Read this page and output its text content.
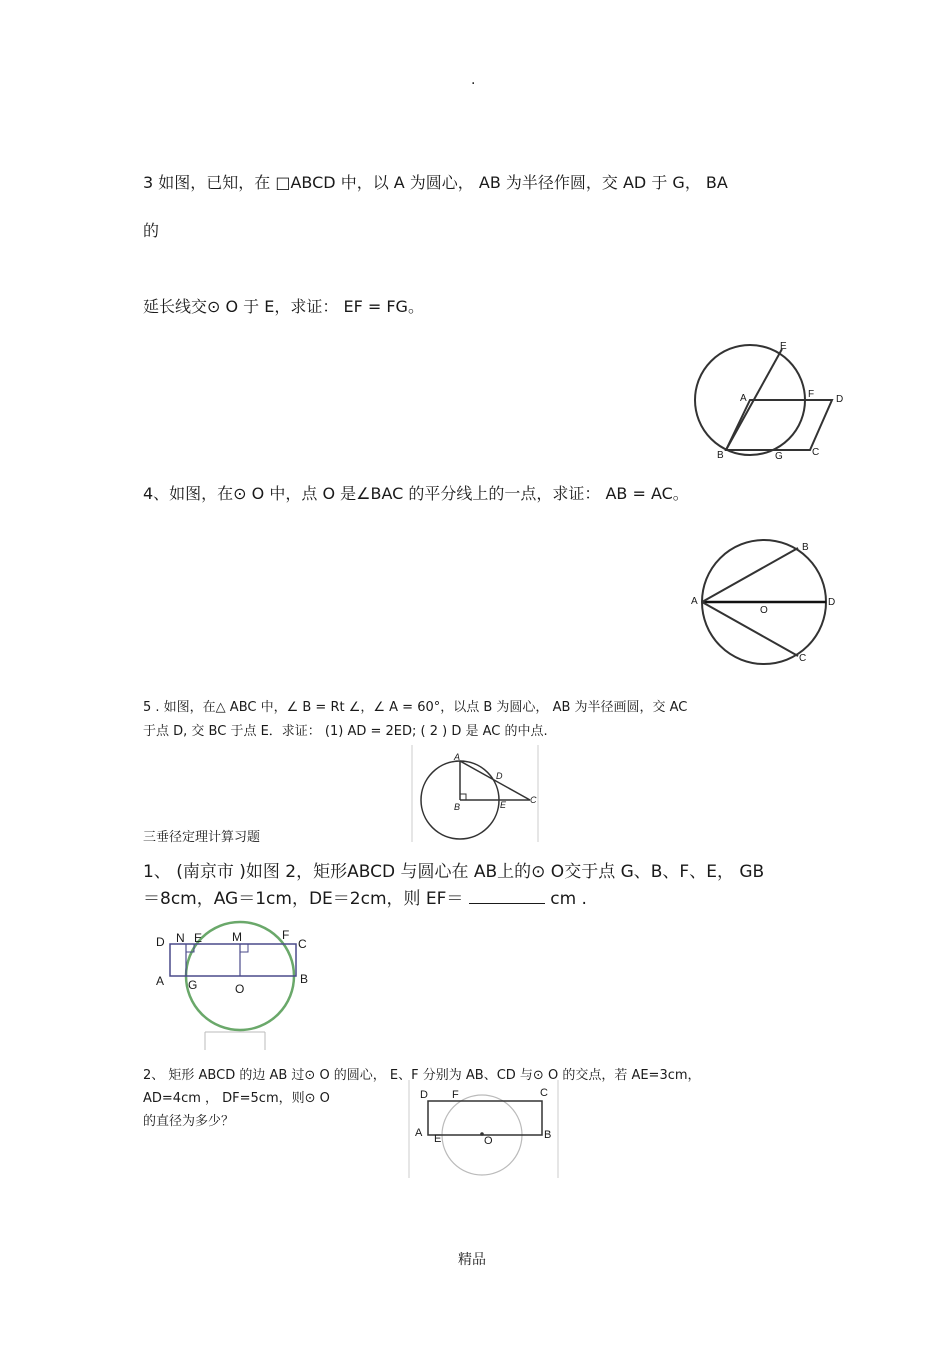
.
3 如图，已知，在 □ABCD 中，以 A 为圆心， AB 为半径作圆，交 AD 于 G， BA
的
延长线交⊙ O 于 E，求证： EF = FG。
E
A	F D
B	G	C
4、如图，在⊙ O 中，点 O 是∠BAC 的平分线上的一点，求证： AB = AC。
A
B
O
D
C
5 . 如图，在△ ABC 中，∠ B = Rt ∠，∠ A = 60°，以点 B 为圆心， AB 为半径画圆，交 AC
于点 D, 交 BC 于点 E．求证： (1) AD = 2ED; ( 2 ) D 是 AC 的中点.
A
D
B	E	C
三垂径定理计算习题
1、 (南京市 )如图 2，矩形ABCD 与圆心在 AB上的⊙ O交于点 G、B、F、E， GB
＝8cm，AG＝1cm，DE＝2cm，则 EF＝	cm .
D N E M	F
C
A G	O
B
2、 矩形 ABCD 的边 AB 过⊙ O 的圆心， E、F 分别为 AB、CD 与⊙ O 的交点，若 AE=3cm，
AD=4cm ， DF=5cm，则⊙ O
的直径为多少？
D F	C
A E	O	B
精品
